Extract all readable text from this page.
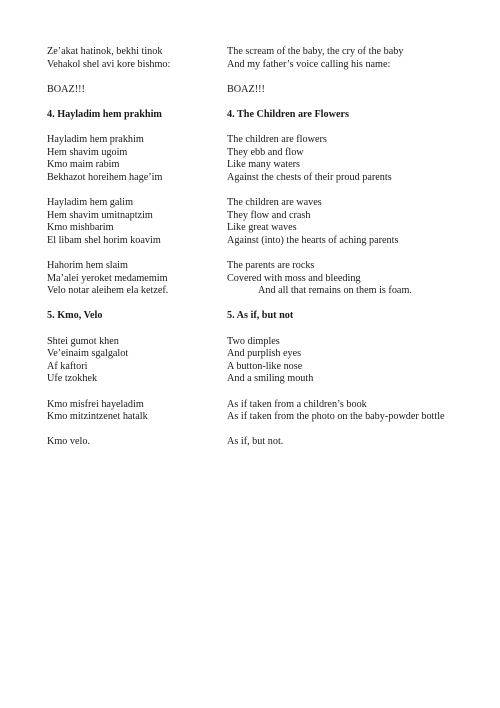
Ze’akat hatinok, bekhi tinok
Vehakol shel avi kore bishmo:
BOAZ!!!
4. Hayladim hem prakhim
Hayladim hem prakhim
Hem shavim ugoim
Kmo maim rabim
Bekhazot horeihem hage’im
Hayladim hem galim
Hem shavim umitnaptzim
Kmo mishbarim
El libam shel horim koavim
Hahorim hem slaim
Ma’alei yeroket medamemim
Velo notar aleihem ela ketzef.
5. Kmo, Velo
Shtei gumot khen
Ve’einaim sgalgalot
Af kaftori
Ufe tzokhek
Kmo misfrei hayeladim
Kmo mitzintzenet hatalk
Kmo velo.
The scream of the baby, the cry of the baby
And my father’s voice calling his name:
BOAZ!!!
4. The Children are Flowers
The children are flowers
They ebb and flow
Like many waters
Against the chests of their proud parents
The children are waves
They flow and crash
Like great waves
Against (into) the hearts of aching parents
The parents are rocks
Covered with moss and bleeding
And all that remains on them is foam.
5. As if, but not
Two dimples
And purplish eyes
A button-like nose
And a smiling mouth
As if taken from a children’s book
As if taken from the photo on the baby-powder bottle
As if, but not.
